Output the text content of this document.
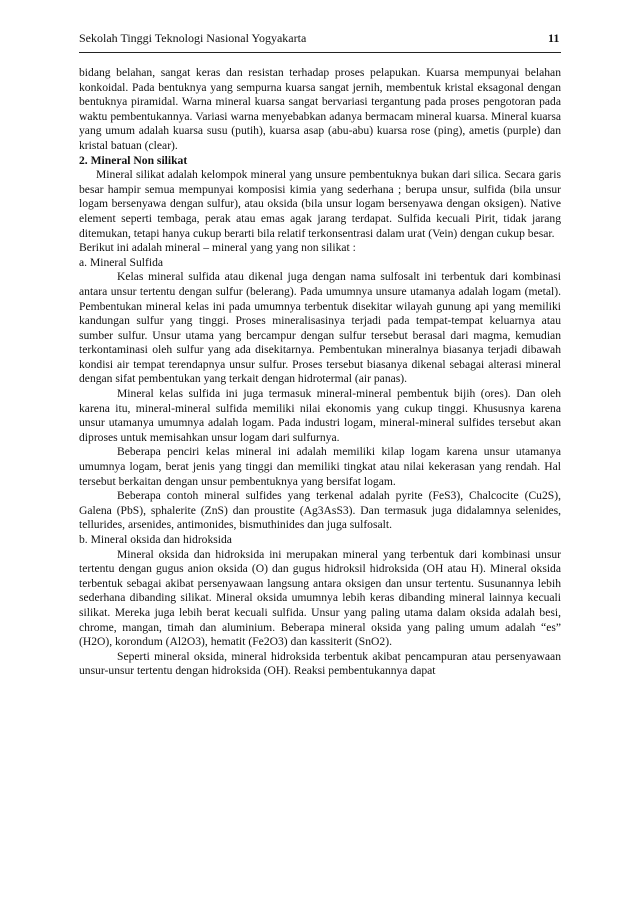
Sekolah Tinggi Teknologi Nasional Yogyakarta	11

bidang belahan, sangat keras dan resistan terhadap proses pelapukan. Kuarsa mempunyai belahan konkoidal. Pada bentuknya yang sempurna kuarsa sangat jernih, membentuk kristal eksagonal dengan bentuknya piramidal. Warna mineral kuarsa sangat bervariasi tergantung pada proses pengotoran pada waktu pembentukannya. Variasi warna menyebabkan adanya bermacam mineral kuarsa. Mineral kuarsa yang umum adalah kuarsa susu (putih), kuarsa asap (abu-abu) kuarsa rose (ping), ametis (purple) dan kristal batuan (clear).

2. Mineral Non silikat

Mineral silikat adalah kelompok mineral yang unsure pembentuknya bukan dari silica. Secara garis besar hampir semua mempunyai komposisi kimia yang sederhana ; berupa unsur, sulfida (bila unsur logam bersenyawa dengan sulfur), atau oksida (bila unsur logam bersenyawa dengan oksigen). Native element seperti tembaga, perak atau emas agak jarang terdapat. Sulfida kecuali Pirit, tidak jarang ditemukan, tetapi hanya cukup berarti bila relatif terkonsentrasi dalam urat (Vein) dengan cukup besar.

Berikut ini adalah mineral – mineral yang yang non silikat :

a. Mineral Sulfida

Kelas mineral sulfida atau dikenal juga dengan nama sulfosalt ini terbentuk dari kombinasi antara unsur tertentu dengan sulfur (belerang). Pada umumnya unsure utamanya adalah logam (metal). Pembentukan mineral kelas ini pada umumnya terbentuk disekitar wilayah gunung api yang memiliki kandungan sulfur yang tinggi. Proses mineralisasinya terjadi pada tempat-tempat keluarnya atau sumber sulfur. Unsur utama yang bercampur dengan sulfur tersebut berasal dari magma, kemudian terkontaminasi oleh sulfur yang ada disekitarnya. Pembentukan mineralnya biasanya terjadi dibawah kondisi air tempat terendapnya unsur sulfur. Proses tersebut biasanya dikenal sebagai alterasi mineral dengan sifat pembentukan yang terkait dengan hidrotermal (air panas).

Mineral kelas sulfida ini juga termasuk mineral-mineral pembentuk bijih (ores). Dan oleh karena itu, mineral-mineral sulfida memiliki nilai ekonomis yang cukup tinggi. Khususnya karena unsur utamanya umumnya adalah logam. Pada industri logam, mineral-mineral sulfides tersebut akan diproses untuk memisahkan unsur logam dari sulfurnya.

Beberapa penciri kelas mineral ini adalah memiliki kilap logam karena unsur utamanya umumnya logam, berat jenis yang tinggi dan memiliki tingkat atau nilai kekerasan yang rendah. Hal tersebut berkaitan dengan unsur pembentuknya yang bersifat logam.

Beberapa contoh mineral sulfides yang terkenal adalah pyrite (FeS3), Chalcocite (Cu2S), Galena (PbS), sphalerite (ZnS) dan proustite (Ag3AsS3). Dan termasuk juga didalamnya selenides, tellurides, arsenides, antimonides, bismuthinides dan juga sulfosalt.

b. Mineral oksida dan hidroksida

Mineral oksida dan hidroksida ini merupakan mineral yang terbentuk dari kombinasi unsur tertentu dengan gugus anion oksida (O) dan gugus hidroksil hidroksida (OH atau H). Mineral oksida terbentuk sebagai akibat persenyawaan langsung antara oksigen dan unsur tertentu. Susunannya lebih sederhana dibanding silikat. Mineral oksida umumnya lebih keras dibanding mineral lainnya kecuali silikat. Mereka juga lebih berat kecuali sulfida. Unsur yang paling utama dalam oksida adalah besi, chrome, mangan, timah dan aluminium. Beberapa mineral oksida yang paling umum adalah “es” (H2O), korondum (Al2O3), hematit (Fe2O3) dan kassiterit (SnO2).

Seperti mineral oksida, mineral hidroksida terbentuk akibat pencampuran atau persenyawaan unsur-unsur tertentu dengan hidroksida (OH). Reaksi pembentukannya dapat
